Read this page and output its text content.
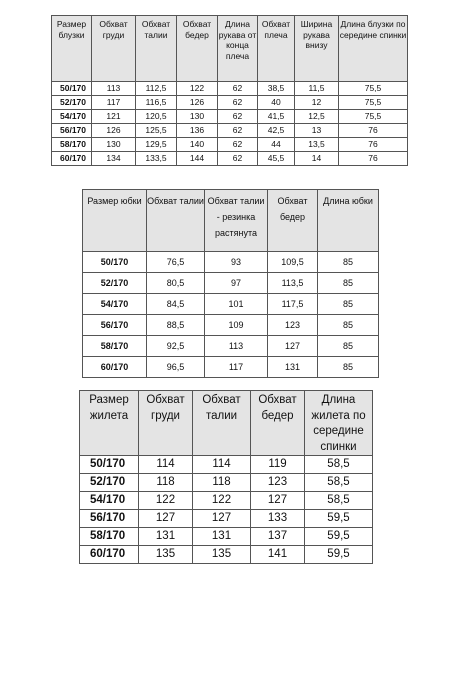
Размер блузки	Обхват груди	Обхват талии	Обхват бедер	Длина рукава от конца плеча	Обхват плеча	Ширина рукава внизу	Длина блузки по середине спинки
50/170	113	112,5	122	62	38,5	11,5	75,5
52/170	117	116,5	126	62	40	12	75,5
54/170	121	120,5	130	62	41,5	12,5	75,5
56/170	126	125,5	136	62	42,5	13	76
58/170	130	129,5	140	62	44	13,5	76
60/170	134	133,5	144	62	45,5	14	76
Размер юбки	Обхват талии	Обхват талии - резинка растянута	Обхват бедер	Длина юбки
50/170	76,5	93	109,5	85
52/170	80,5	97	113,5	85
54/170	84,5	101	117,5	85
56/170	88,5	109	123	85
58/170	92,5	113	127	85
60/170	96,5	117	131	85
Размер жилета	Обхват груди	Обхват талии	Обхват бедер	Длина жилета по середине спинки
50/170	114	114	119	58,5
52/170	118	118	123	58,5
54/170	122	122	127	58,5
56/170	127	127	133	59,5
58/170	131	131	137	59,5
60/170	135	135	141	59,5
